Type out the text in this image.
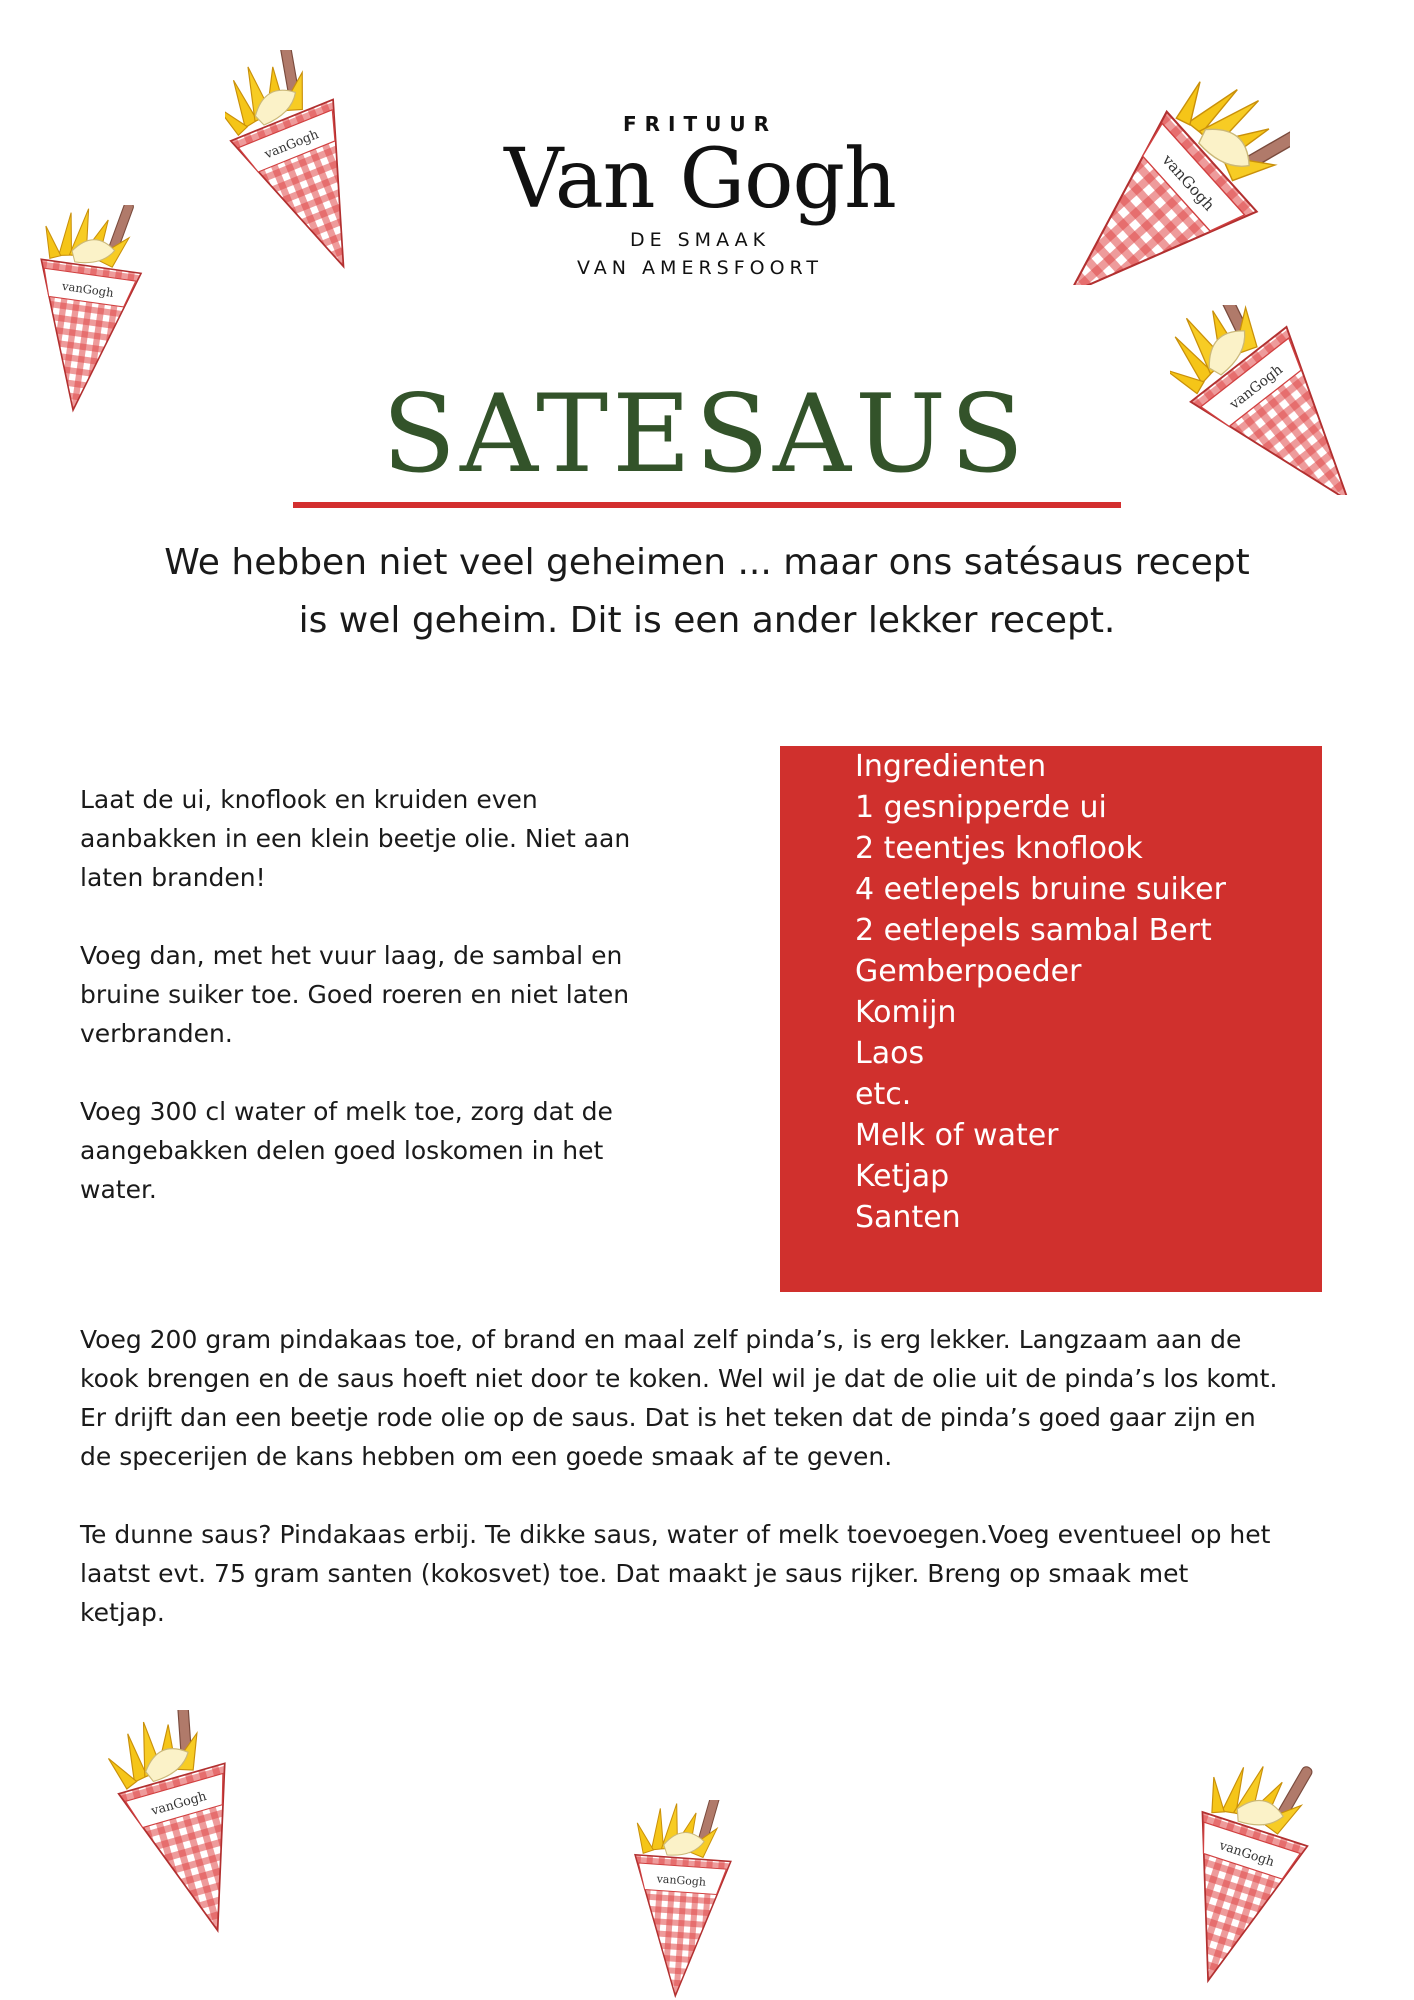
FRITUUR
Van Gogh
DE SMAAK
VAN AMERSFOORT
SATESAUS
We hebben niet veel geheimen ... maar ons satésaus recept
is wel geheim. Dit is een ander lekker recept.

Laat de ui, knoflook en kruiden even aanbakken in een klein beetje olie. Niet aan laten branden!

Voeg dan, met het vuur laag, de sambal en bruine suiker toe. Goed roeren en niet laten verbranden.

Voeg 300 cl water of melk toe, zorg dat de aangebakken delen goed loskomen in het water.

Ingredienten
1 gesnipperde ui
2 teentjes knoflook
4 eetlepels bruine suiker
2 eetlepels sambal Bert
Gemberpoeder
Komijn
Laos
etc.
Melk of water
Ketjap
Santen

Voeg 200 gram pindakaas toe, of brand en maal zelf pinda’s, is erg lekker. Langzaam aan de kook brengen en de saus hoeft niet door te koken. Wel wil je dat de olie uit de pinda’s los komt. Er drijft dan een beetje rode olie op de saus. Dat is het teken dat de pinda’s goed gaar zijn en de specerijen de kans hebben om een goede smaak af te geven.

Te dunne saus? Pindakaas erbij. Te dikke saus, water of melk toevoegen.Voeg eventueel op het laatst evt. 75 gram santen (kokosvet) toe. Dat maakt je saus rijker. Breng op smaak met ketjap.
